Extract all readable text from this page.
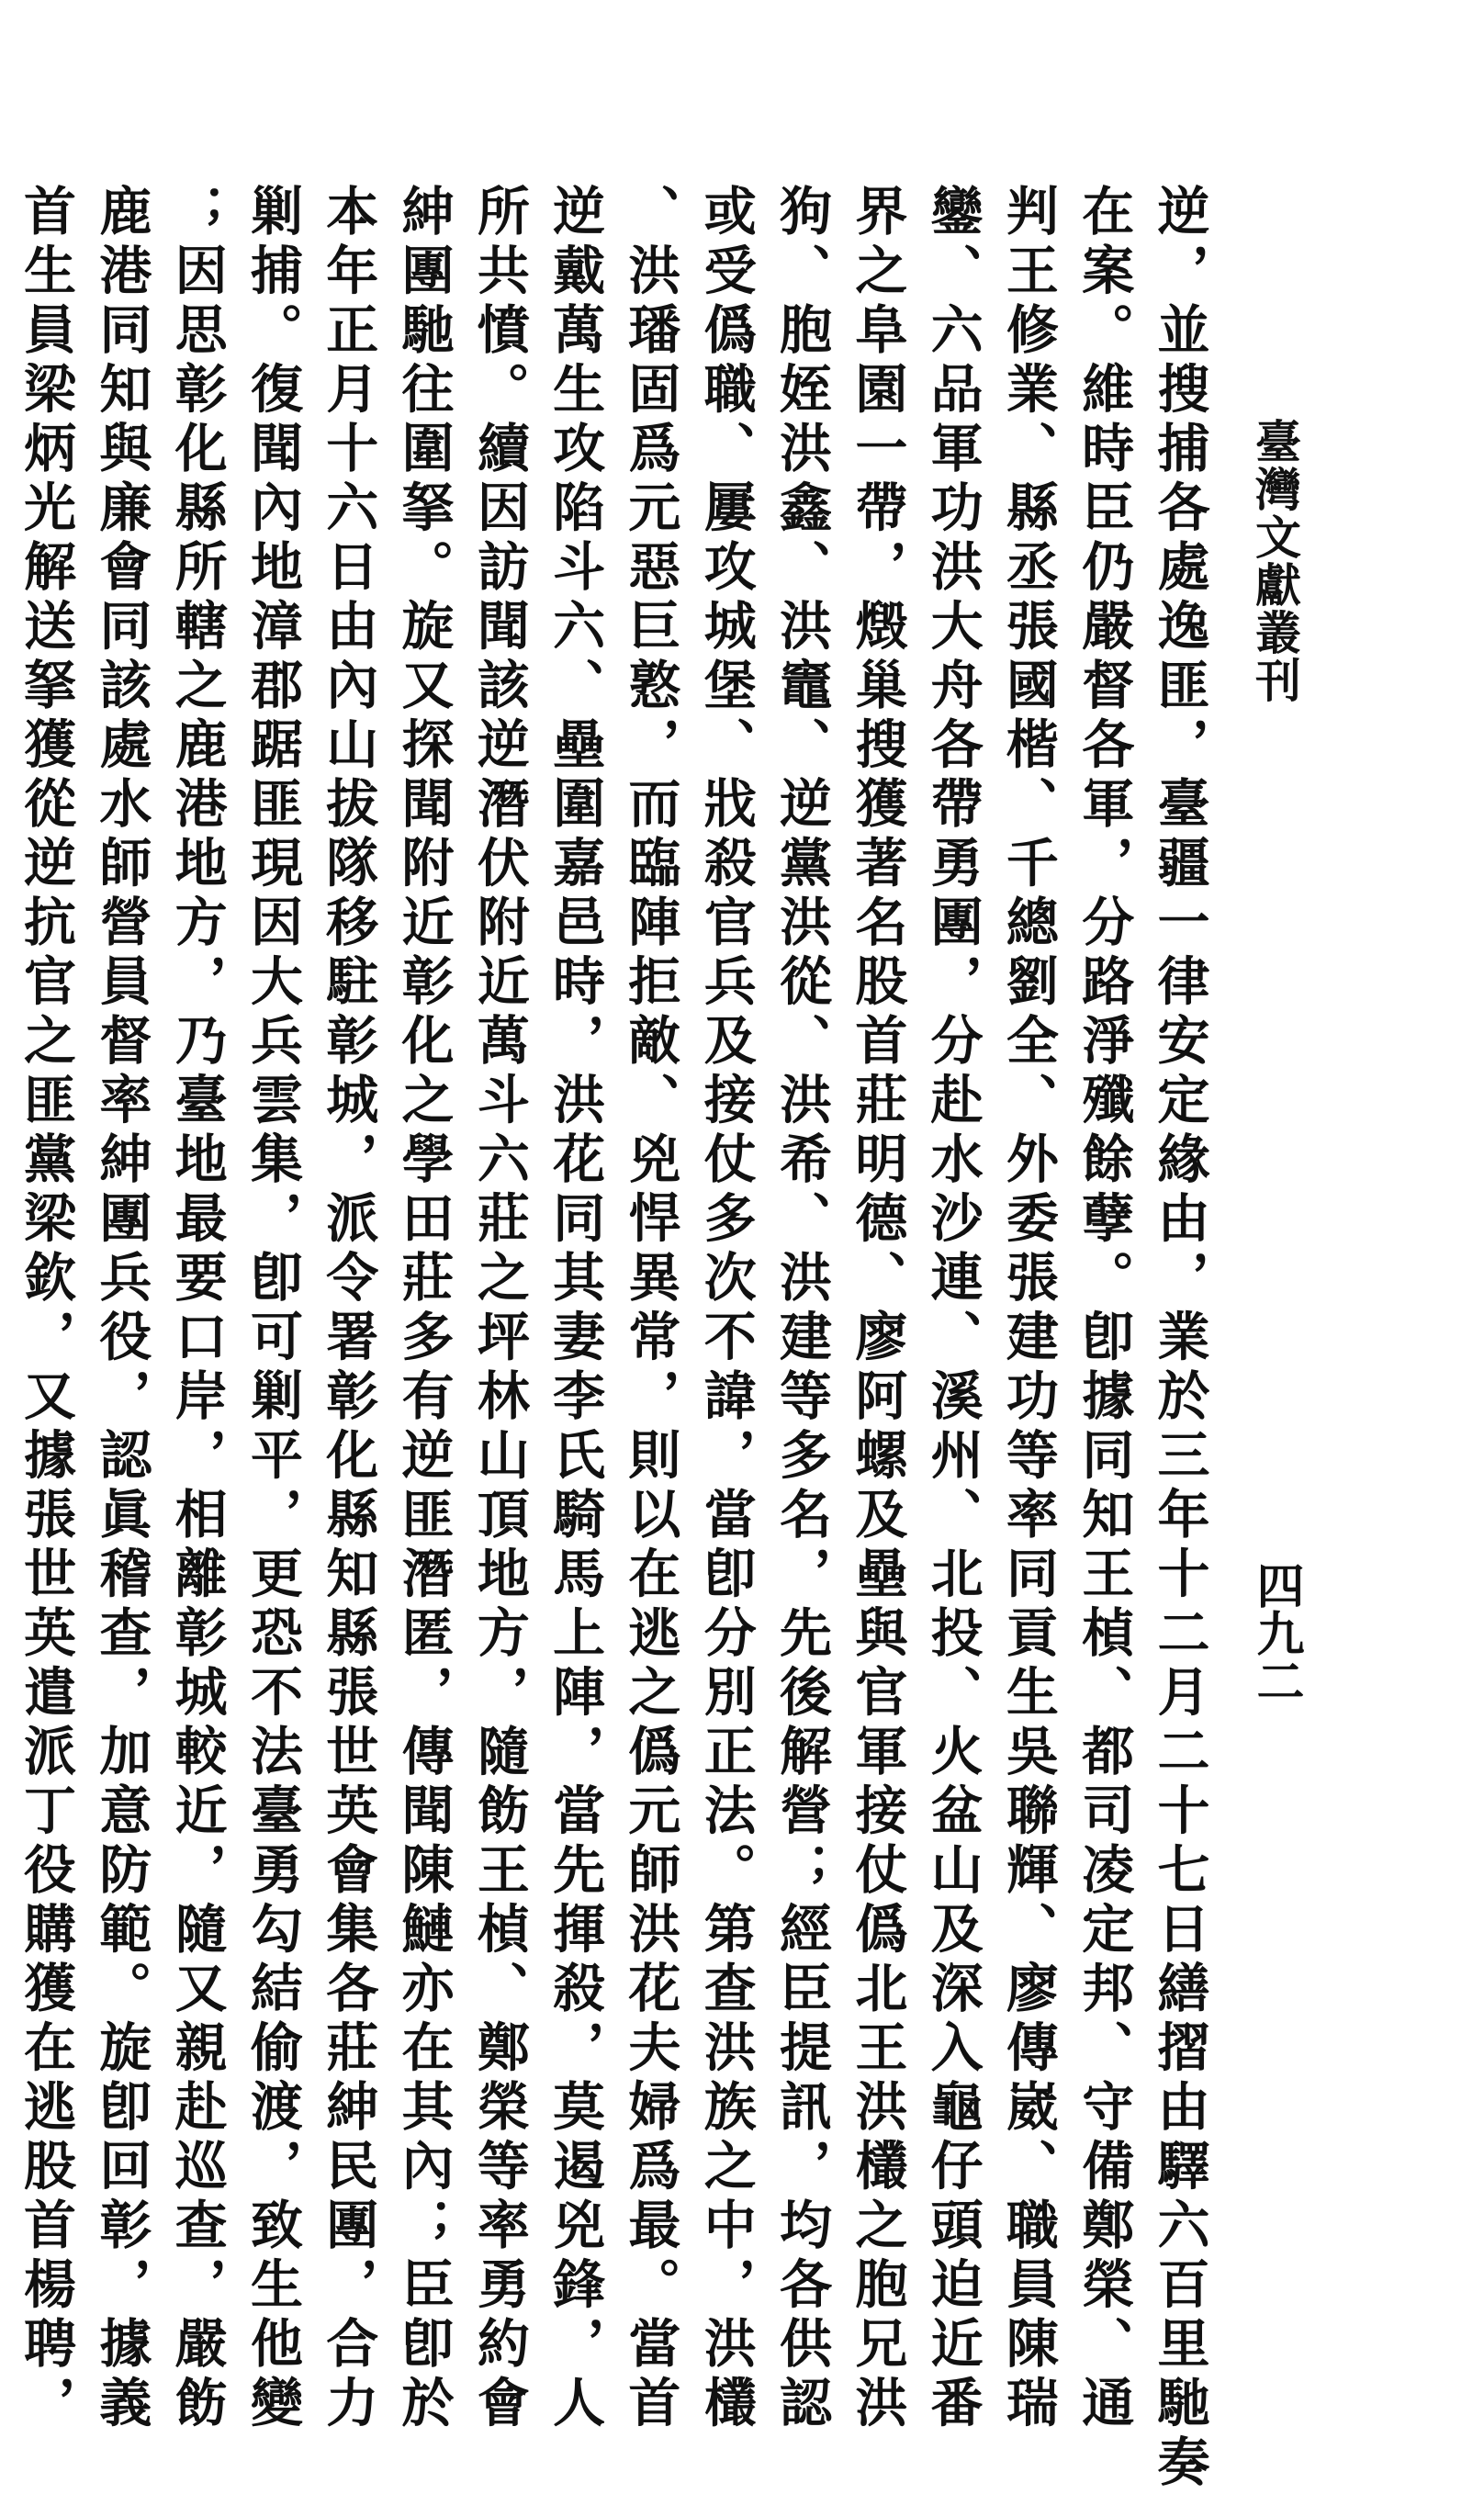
臺灣文獻叢刊
四九二
逆，並搜捕各處逸匪，臺疆一律安定緣由，業於三年十二月二十七日繕摺由驛六百里馳奏
在案。維時臣仍嚴督各軍，分路淨殲餘孽。卽據同知王楨、都司凌定邦、守備鄭榮、通
判王修業、縣丞張國楷、千總劉全、外委張建功等率同貢生吳聯輝、廖傳崴、職員陳瑞
鑾、六品軍功洪大舟各帶勇團，分赴水沙連、溪州、北投、火盆山及深入龜仔頭迫近番
界之阜園一帶，燬巢搜獲著名股首莊明德、廖阿螺及壘與官軍接仗僞北王洪欉之胞兄洪
狗、胞姪洪鑫、洪竈、逆黨洪從、洪希、洪建等多名，先後解營；經臣提訊，均各供認
或受僞職、屢攻城堡、戕殺官兵及接仗多次不諱，當卽分別正法。第查洪族之中，洪欉
、洪璠固爲元惡巨憝，而臨陣拒敵、兇悍異常，則以在逃之僞元師洪花夫婦爲最。當首
逆戴萬生攻陷斗六、壘圍嘉邑時，洪花同其妻李氏騎馬上陣，當先揮殺，莫遏兇鋒，人
所共憤。續因訪聞該逆潛伏附近萬斗六莊之坪林山頂地方，隨飭王楨、鄭榮等率勇約會
紳團馳往圍拏。旋又探聞附近彰化之學田莊多有逆匪潛匿，傳聞陳鰱亦在其內；臣卽於
本年正月十六日由內山拔隊移駐彰城，派令署彰化縣知縣張世英會集各莊紳民團，合力
剿捕。復聞內地漳郡踞匪現因大兵雲集，卽可剿平，更恐不法臺勇勾結偷渡，致生他變
；因思彰化縣所轄之鹿港地方，乃臺地最要口岸，相離彰城較近，隨又親赴巡查，嚴飭
鹿港同知與廉會同該處水師營員督率紳團兵役，認眞稽查，加意防範。旋卽回彰，據義
首生員梁炳光解送拏獲從逆抗官之匪黨梁欽，又據張世英遣派丁役購獲在逃股首楊聘，
